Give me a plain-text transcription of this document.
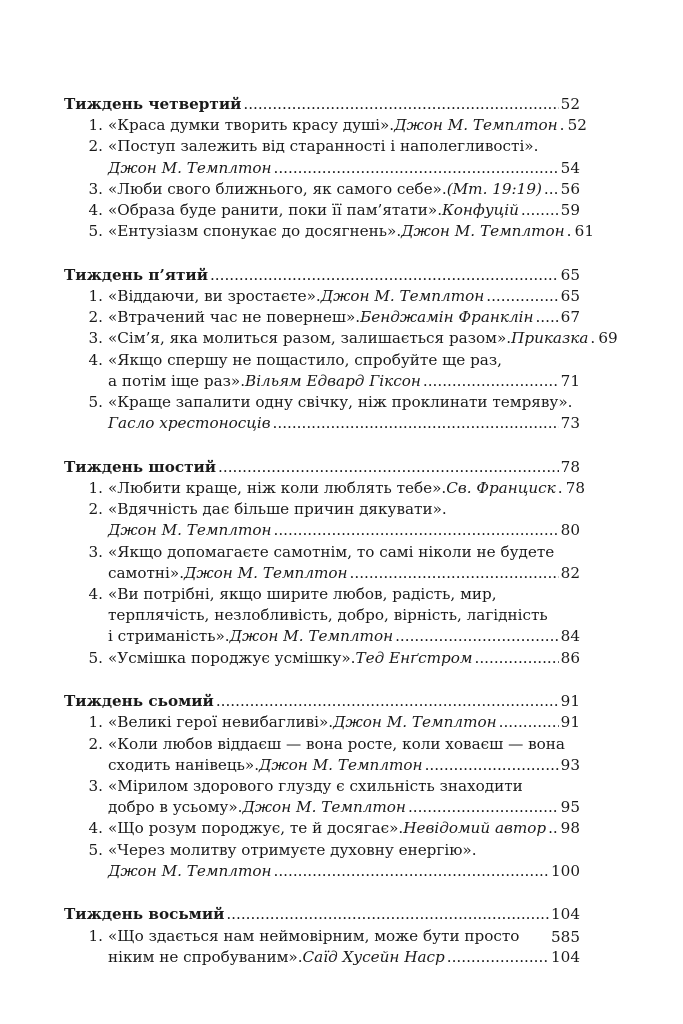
Тиждень четвертий .....	52
1. «Краса думки творить красу душі». Джон М. Темплтон ..... 52
2. «Поступ залежить від старанності і наполегливості».
Джон М. Темплтон .....	54
3. «Люби свого ближнього, як самого себе». (Мт. 19:19) ..... 56
4. «Образа буде ранити, поки її пам’ятати». Конфуцій .....	59
5. «Ентузіазм спонукає до досягнень». Джон М. Темплтон ..... 61
Тиждень п’ятий .....	65
1. «Віддаючи, ви зростаєте». Джон М. Темплтон .....	65
2. «Втрачений час не повернеш». Бенджамін Франклін ..... 67
3. «Сім’я, яка молиться разом, залишається разом». Приказка ..... 69
4. «Якщо спершу не пощастило, спробуйте ще раз,
а потім іще раз». Вільям Едвард Гіксон .....	71
5. «Краще запалити одну свічку, ніж проклинати темряву».
Гасло хрестоносців .....	73
Тиждень шостий .....	78
1. «Любити краще, ніж коли люблять тебе». Св. Франциск ..... 78
2. «Вдячність дає більше причин дякувати».
Джон М. Темплтон .....	80
3. «Якщо допомагаєте самотнім, то самі ніколи не будете
самотні». Джон М. Темплтон .....	82
4. «Ви потрібні, якщо ширите любов, радість, мир,
терплячість, незлобливість, добро, вірність, лагідність
і стриманість». Джон М. Темплтон .....	84
5. «Усмішка породжує усмішку». Тед Енґстром .....	86
Тиждень сьомий .....	91
1. «Великі герої невибагливі». Джон М. Темплтон .....	91
2. «Коли любов віддаєш — вона росте, коли ховаєш — вона
сходить нанівець». Джон М. Темплтон .....	93
3. «Мірилом здорового глузду є схильність знаходити
добро в усьому». Джон М. Темплтон .....	95
4. «Що розум породжує, те й досягає». Невідомий автор ..... 98
5. «Через молитву отримуєте духовну енергію».
Джон М. Темплтон .....	100
Тиждень восьмий .....	104
1. «Що здається нам неймовірним, може бути просто
ніким не спробуваним». Саїд Хусейн Наср .....	104
585
